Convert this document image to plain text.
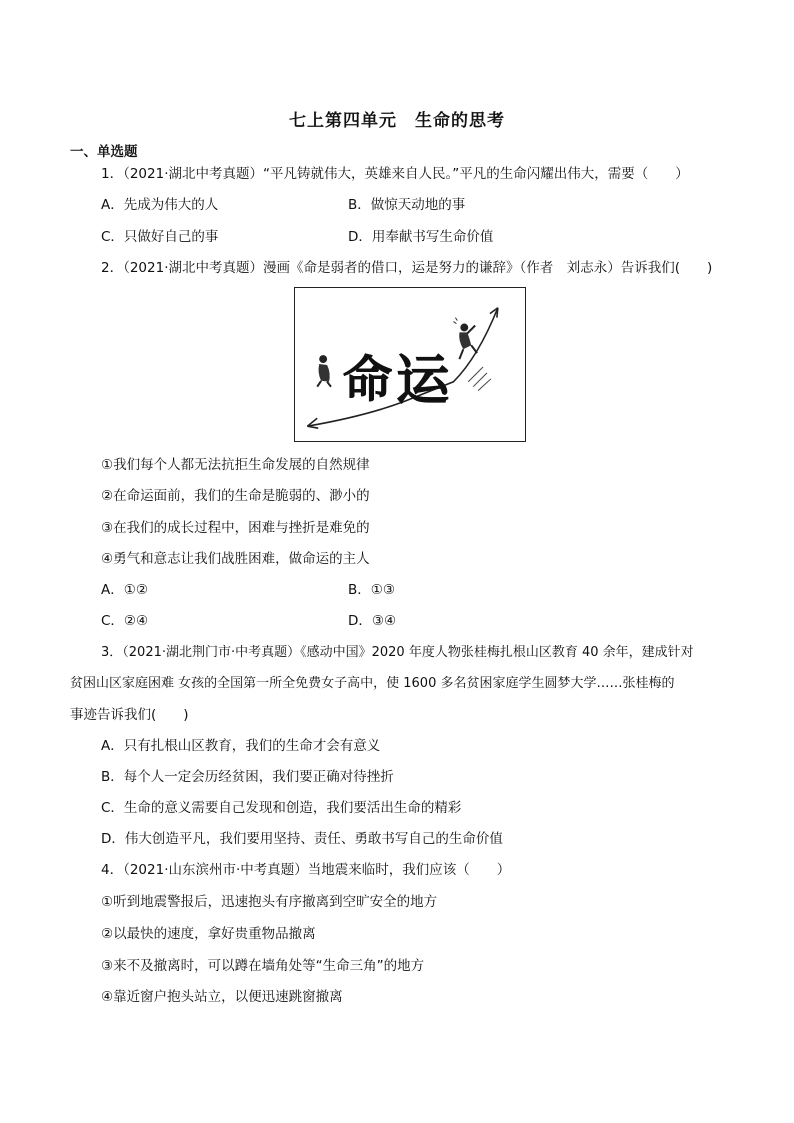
七上第四单元　生命的思考
一、单选题
1．（2021·湖北中考真题）“平凡铸就伟大，英雄来自人民。”平凡的生命闪耀出伟大，需要（　　）
A．先成为伟大的人	B．做惊天动地的事
C．只做好自己的事	D．用奉献书写生命价值
2．（2021·湖北中考真题）漫画《命是弱者的借口，运是努力的谦辞》（作者　刘志永）告诉我们(　　)
命 运
①我们每个人都无法抗拒生命发展的自然规律
②在命运面前，我们的生命是脆弱的、渺小的
③在我们的成长过程中，困难与挫折是难免的
④勇气和意志让我们战胜困难，做命运的主人
A．①②	B．①③
C．②④	D．③④
3．（2021·湖北荆门市·中考真题）《感动中国》2020 年度人物张桂梅扎根山区教育 40 余年，建成针对
贫困山区家庭困难 女孩的全国第一所全免费女子高中，使 1600 多名贫困家庭学生圆梦大学……张桂梅的
事迹告诉我们(　　)
A．只有扎根山区教育，我们的生命才会有意义
B．每个人一定会历经贫困，我们要正确对待挫折
C．生命的意义需要自己发现和创造，我们要活出生命的精彩
D．伟大创造平凡，我们要用坚持、责任、勇敢书写自己的生命价值
4．（2021·山东滨州市·中考真题）当地震来临时，我们应该（　　）
①听到地震警报后，迅速抱头有序撤离到空旷安全的地方
②以最快的速度，拿好贵重物品撤离
③来不及撤离时，可以蹲在墙角处等“生命三角”的地方
④靠近窗户抱头站立，以便迅速跳窗撤离
